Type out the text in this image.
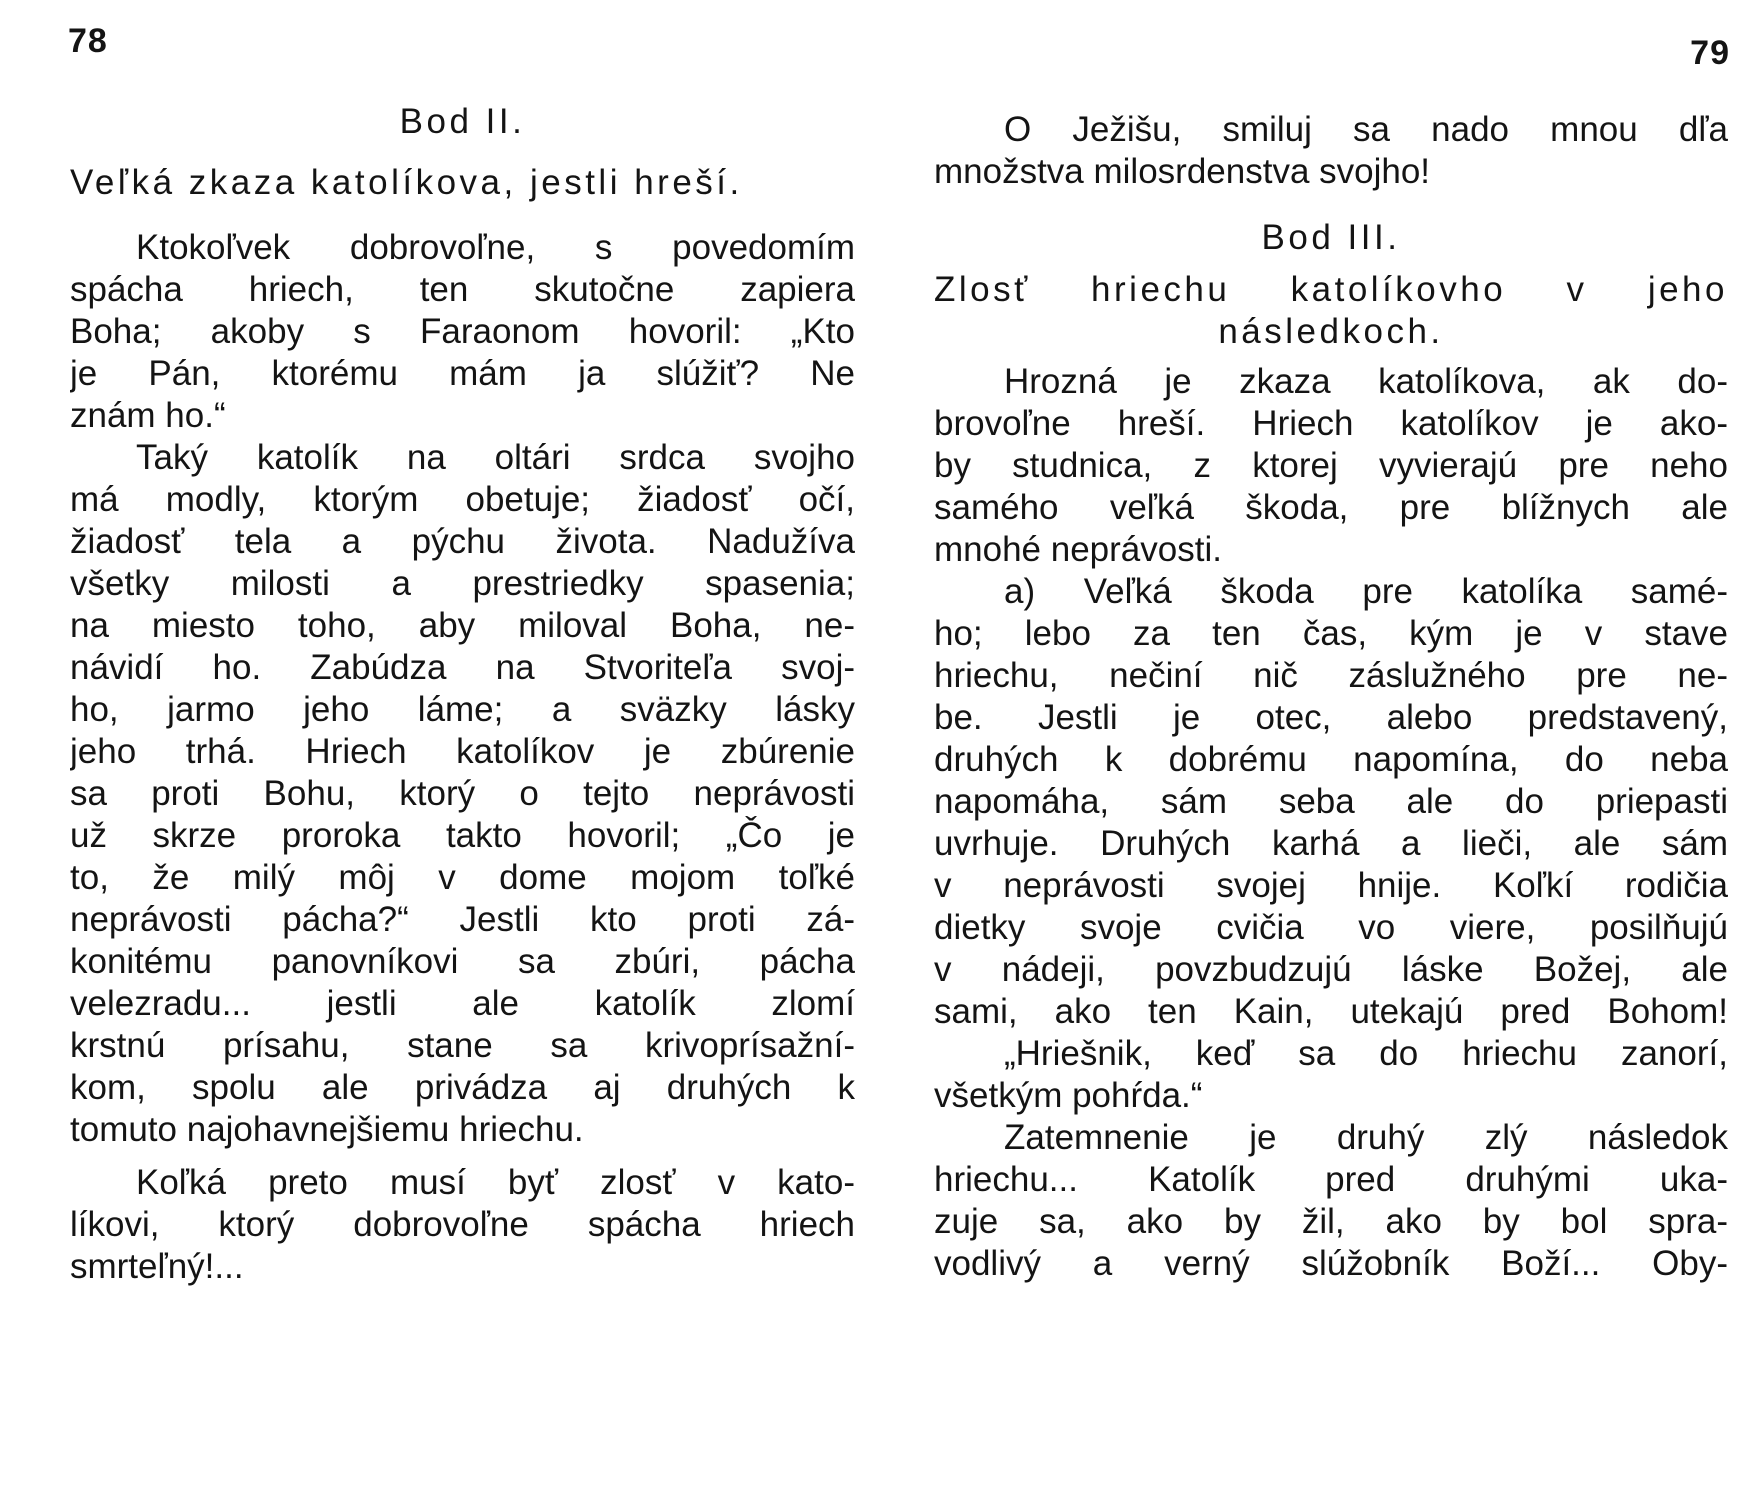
78
Bod II.
Veľká zkaza katolíkova, jestli hreší.
Ktokoľvek dobrovoľne, s povedomím
spácha hriech, ten skutočne zapiera
Boha; akoby s Faraonom hovoril: „Kto
je Pán, ktorému mám ja slúžiť? Ne
znám ho.“
Taký katolík na oltári srdca svojho
má modly, ktorým obetuje; žiadosť očí,
žiadosť tela a pýchu života. Nadužíva
všetky milosti a prestriedky spasenia;
na miesto toho, aby miloval Boha, ne-
návidí ho. Zabúdza na Stvoriteľa svoj-
ho, jarmo jeho láme; a sväzky lásky
jeho trhá. Hriech katolíkov je zbúrenie
sa proti Bohu, ktorý o tejto neprávosti
už skrze proroka takto hovoril; „Čo je
to, že milý môj v dome mojom toľké
neprávosti pácha?“ Jestli kto proti zá-
konitému panovníkovi sa zbúri, pácha
velezradu... jestli ale katolík zlomí
krstnú prísahu, stane sa krivoprísažní-
kom, spolu ale privádza aj druhých k
tomuto najohavnejšiemu hriechu.
Koľká preto musí byť zlosť v kato-
líkovi, ktorý dobrovoľne spácha hriech
smrteľný!...
79
O Ježišu, smiluj sa nado mnou dľa
množstva milosrdenstva svojho!
Bod III.
Zlosť hriechu katolíkovho v jeho
následkoch.
Hrozná je zkaza katolíkova, ak do-
brovoľne hreší. Hriech katolíkov je ako-
by studnica, z ktorej vyvierajú pre neho
samého veľká škoda, pre blížnych ale
mnohé neprávosti.
a) Veľká škoda pre katolíka samé-
ho; lebo za ten čas, kým je v stave
hriechu, nečiní nič záslužného pre ne-
be. Jestli je otec, alebo predstavený,
druhých k dobrému napomína, do neba
napomáha, sám seba ale do priepasti
uvrhuje. Druhých karhá a lieči, ale sám
v neprávosti svojej hnije. Koľkí rodičia
dietky svoje cvičia vo viere, posilňujú
v nádeji, povzbudzujú láske Božej, ale
sami, ako ten Kain, utekajú pred Bohom!
„Hriešnik, keď sa do hriechu zanorí,
všetkým pohŕda.“
Zatemnenie je druhý zlý následok
hriechu... Katolík pred druhými uka-
zuje sa, ako by žil, ako by bol spra-
vodlivý a verný slúžobník Boží... Oby-
